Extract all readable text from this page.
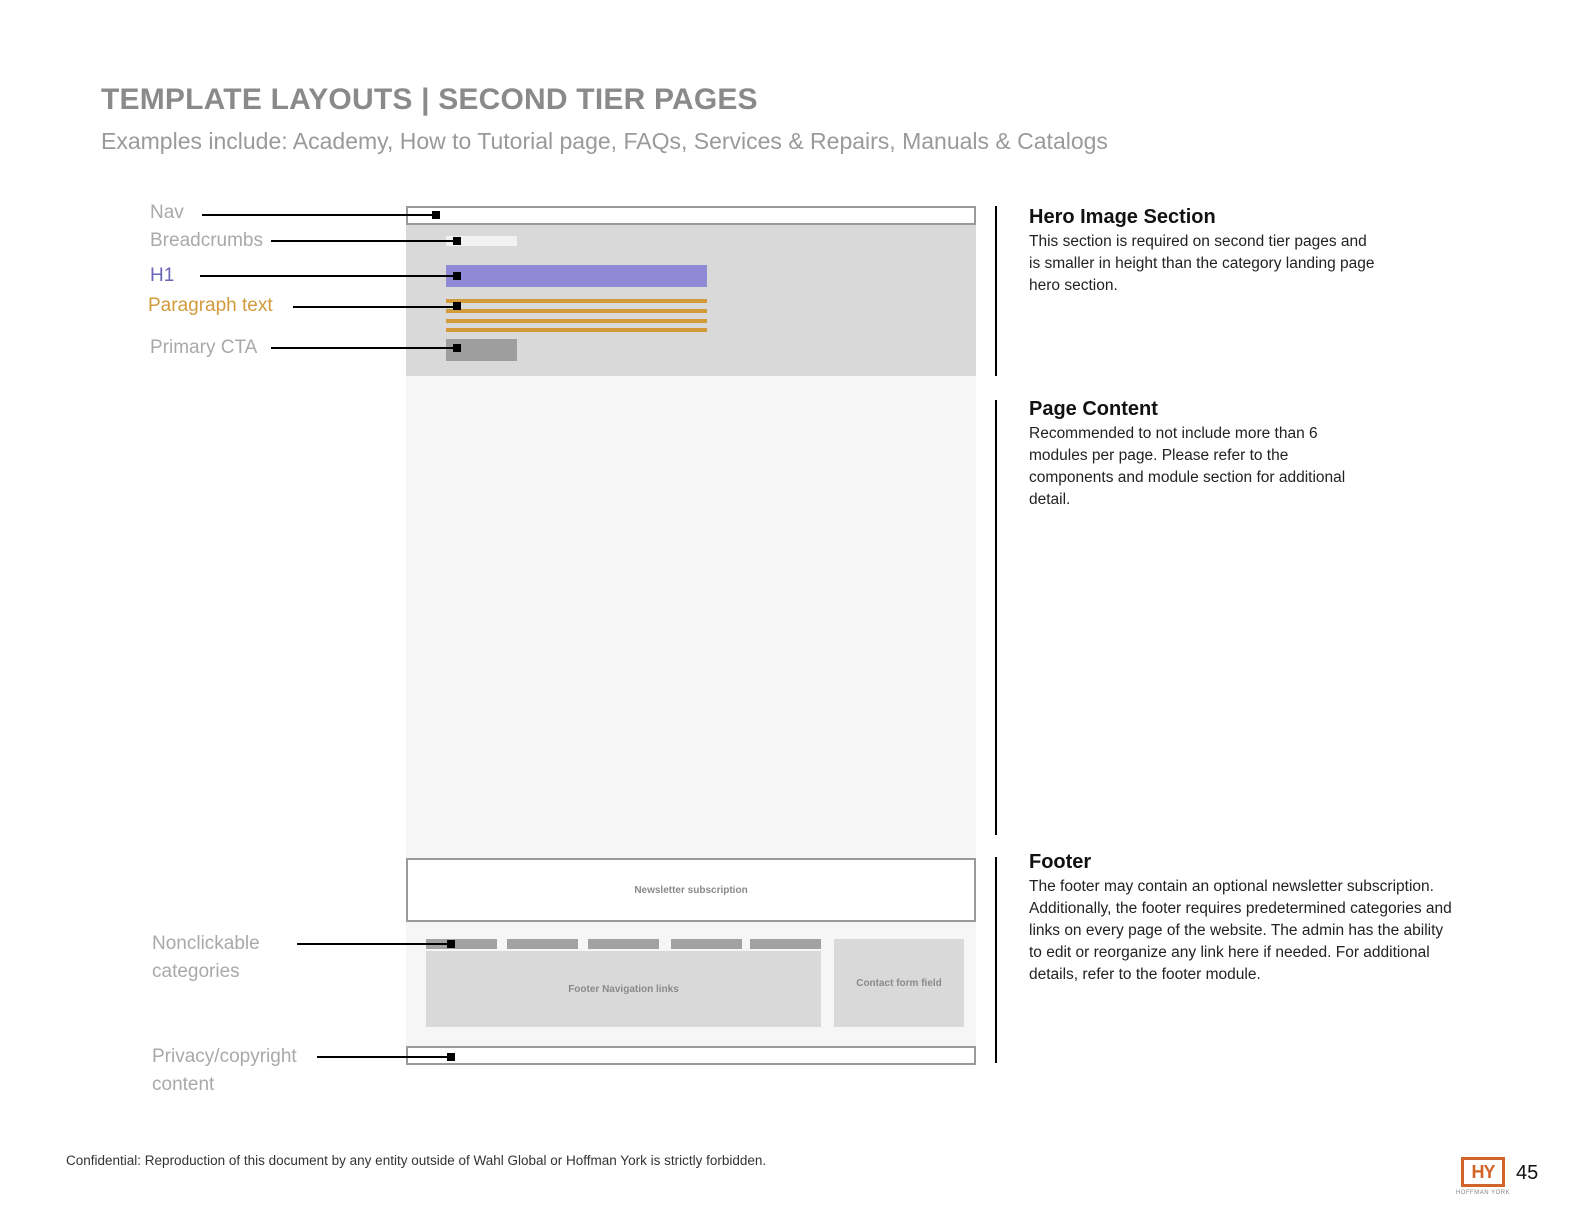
TEMPLATE LAYOUTS | SECOND TIER PAGES
Examples include: Academy, How to Tutorial page, FAQs, Services & Repairs, Manuals & Catalogs
Newsletter subscription
Footer Navigation links
Contact form field
Nav
Breadcrumbs
H1
Paragraph text
Primary CTA
Nonclickable
categories
Privacy/copyright
content
Hero Image Section
This section is required on second tier pages and is smaller in height than the category landing page hero section.
Page Content
Recommended to not include more than 6 modules per page. Please refer to the components and module section for additional detail.
Footer
The footer may contain an optional newsletter subscription. Additionally, the footer requires predetermined categories and links on every page of the website. The admin has the ability to edit or reorganize any link here if needed. For additional details, refer to the footer module.
Confidential: Reproduction of this document by any entity outside of Wahl Global or Hoffman York is strictly forbidden.
HY
HOFFMAN YORK
45
